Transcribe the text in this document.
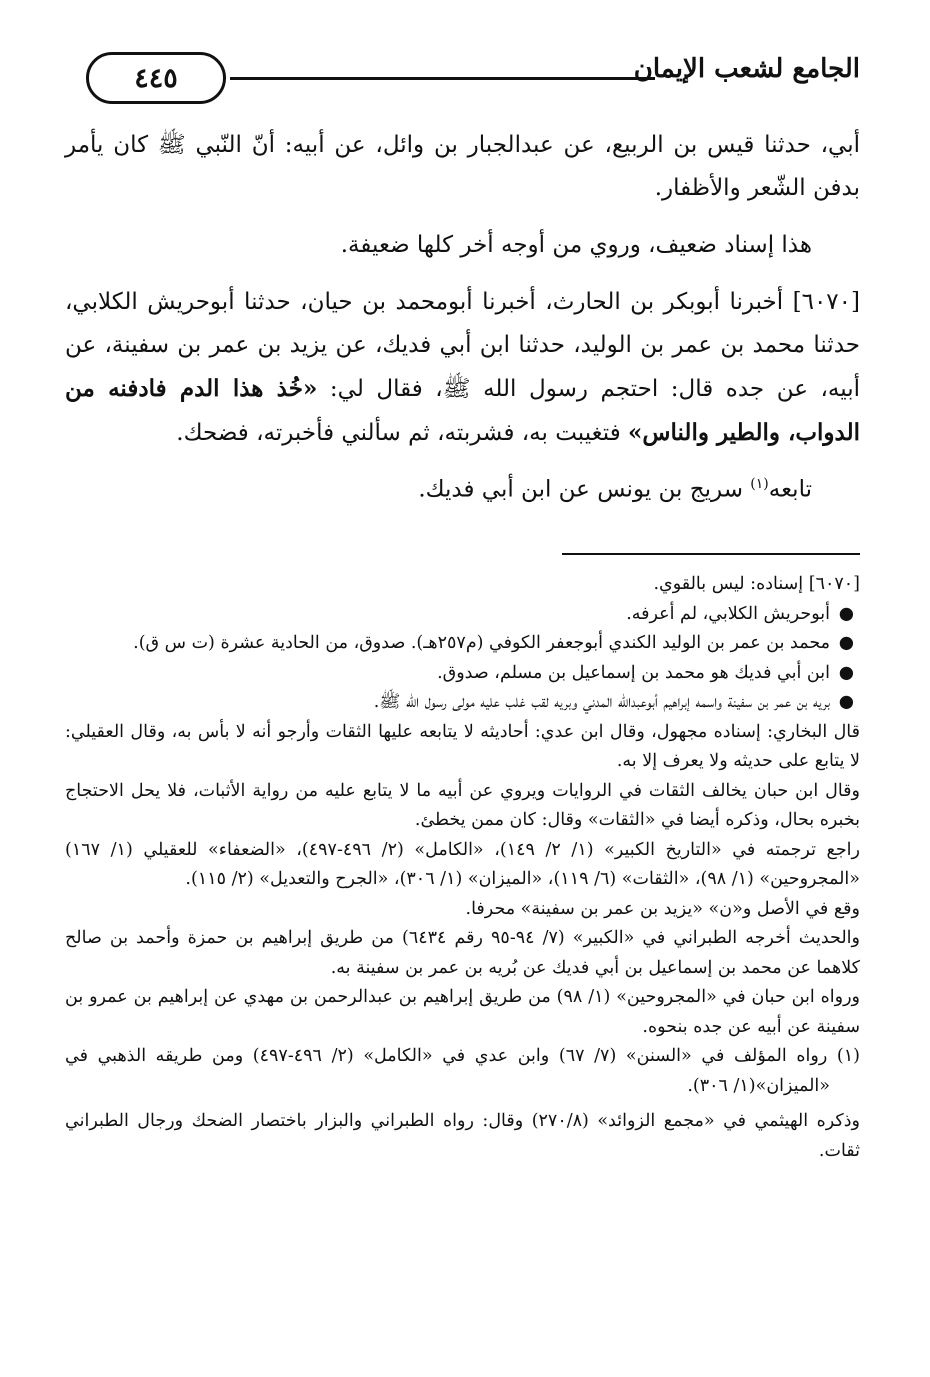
٤٤٥	الجامع لشعب الإيمان

أبي، حدثنا قيس بن الربيع، عن عبدالجبار بن وائل، عن أبيه: أنّ النّبي ﷺ كان يأمر بدفن الشّعر والأظفار.

هذا إسناد ضعيف، وروي من أوجه أخر كلها ضعيفة.

[٦٠٧٠] أخبرنا أبوبكر بن الحارث، أخبرنا أبومحمد بن حيان، حدثنا أبوحريش الكلابي، حدثنا محمد بن عمر بن الوليد، حدثنا ابن أبي فديك، عن يزيد بن عمر بن سفينة، عن أبيه، عن جده قال: احتجم رسول الله ﷺ، فقال لي: «خُذ هذا الدم فادفنه من الدواب، والطير والناس» فتغيبت به، فشربته، ثم سألني فأخبرته، فضحك.

تابعه$^{(١)}$ سريج بن يونس عن ابن أبي فديك.

[٦٠٧٠] إسناده: ليس بالقوي.

●
أبوحريش الكلابي، لم أعرفه.

●
محمد بن عمر بن الوليد الكندي أبوجعفر الكوفي (م٢٥٧هـ). صدوق، من الحادية عشرة (ت س ق).

●
ابن أبي فديك هو محمد بن إسماعيل بن مسلم، صدوق.

●
بريه بن عمر بن سفينة واسمه إبراهيم أبوعبدالله المدني وبريه لقب غلب عليه مولى رسول الله ﷺ.

قال البخاري: إسناده مجهول، وقال ابن عدي: أحاديثه لا يتابعه عليها الثقات وأرجو أنه لا بأس به، وقال العقيلي: لا يتابع على حديثه ولا يعرف إلا به.

وقال ابن حبان يخالف الثقات في الروايات ويروي عن أبيه ما لا يتابع عليه من رواية الأثبات، فلا يحل الاحتجاج بخبره بحال، وذكره أيضا في «الثقات» وقال: كان ممن يخطئ.

راجع ترجمته في «التاريخ الكبير» (١/ ٢/ ١٤٩)، «الكامل» (٢/ ٤٩٦-٤٩٧)، «الضعفاء» للعقيلي (١/ ١٦٧) «المجروحين» (١/ ٩٨)، «الثقات» (٦/ ١١٩)، «الميزان» (١/ ٣٠٦)، «الجرح والتعديل» (٢/ ١١٥).

وقع في الأصل و«ن» «يزيد بن عمر بن سفينة» محرفا.

والحديث أخرجه الطبراني في «الكبير» (٧/ ٩٤-٩٥ رقم ٦٤٣٤) من طريق إبراهيم بن حمزة وأحمد بن صالح كلاهما عن محمد بن إسماعيل بن أبي فديك عن بُريه بن عمر بن سفينة به.

ورواه ابن حبان في «المجروحين» (١/ ٩٨) من طريق إبراهيم بن عبدالرحمن بن مهدي عن إبراهيم بن عمرو بن سفينة عن أبيه عن جده بنحوه.

(١) رواه المؤلف في «السنن» (٧/ ٦٧) وابن عدي في «الكامل» (٢/ ٤٩٦-٤٩٧) ومن طريقه الذهبي في «الميزان»(١/ ٣٠٦).

وذكره الهيثمي في «مجمع الزوائد» (٢٧٠/٨) وقال: رواه الطبراني والبزار باختصار الضحك ورجال الطبراني ثقات.
